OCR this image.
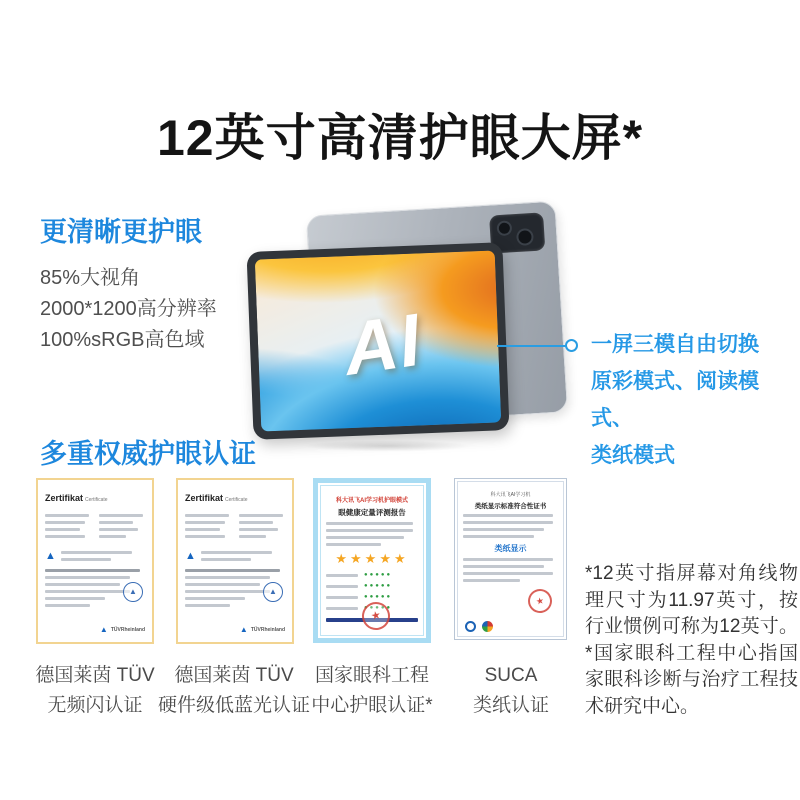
12英寸高清护眼大屏*
更清晰更护眼

85%大视角

2000*1200高分辨率

100%sRGB高色域 AI	一屏三模自由切换

原彩模式、阅读模式、

类纸模式

多重权威护眼认证
Zertifikat Certificate
▲
▲
▲ TÜVRheinland
Zertifikat Certificate
▲
▲
▲ TÜVRheinland
科大讯飞AI学习机护眼模式
眼健康定量评测报告
★★★★★
●●●●●
●●●●●
●●●●●
●●●●●
★
科大讯飞AI学习机
类纸显示标准符合性证书
类纸显示
★
德国莱茵 TÜV
无频闪认证
德国莱茵 TÜV
硬件级低蓝光认证
国家眼科工程
中心护眼认证*
SUCA
类纸认证

*12英寸指屏幕对角线物理尺寸为11.97英寸，按行业惯例可称为12英寸。*国家眼科工程中心指国家眼科诊断与治疗工程技术研究中心。
